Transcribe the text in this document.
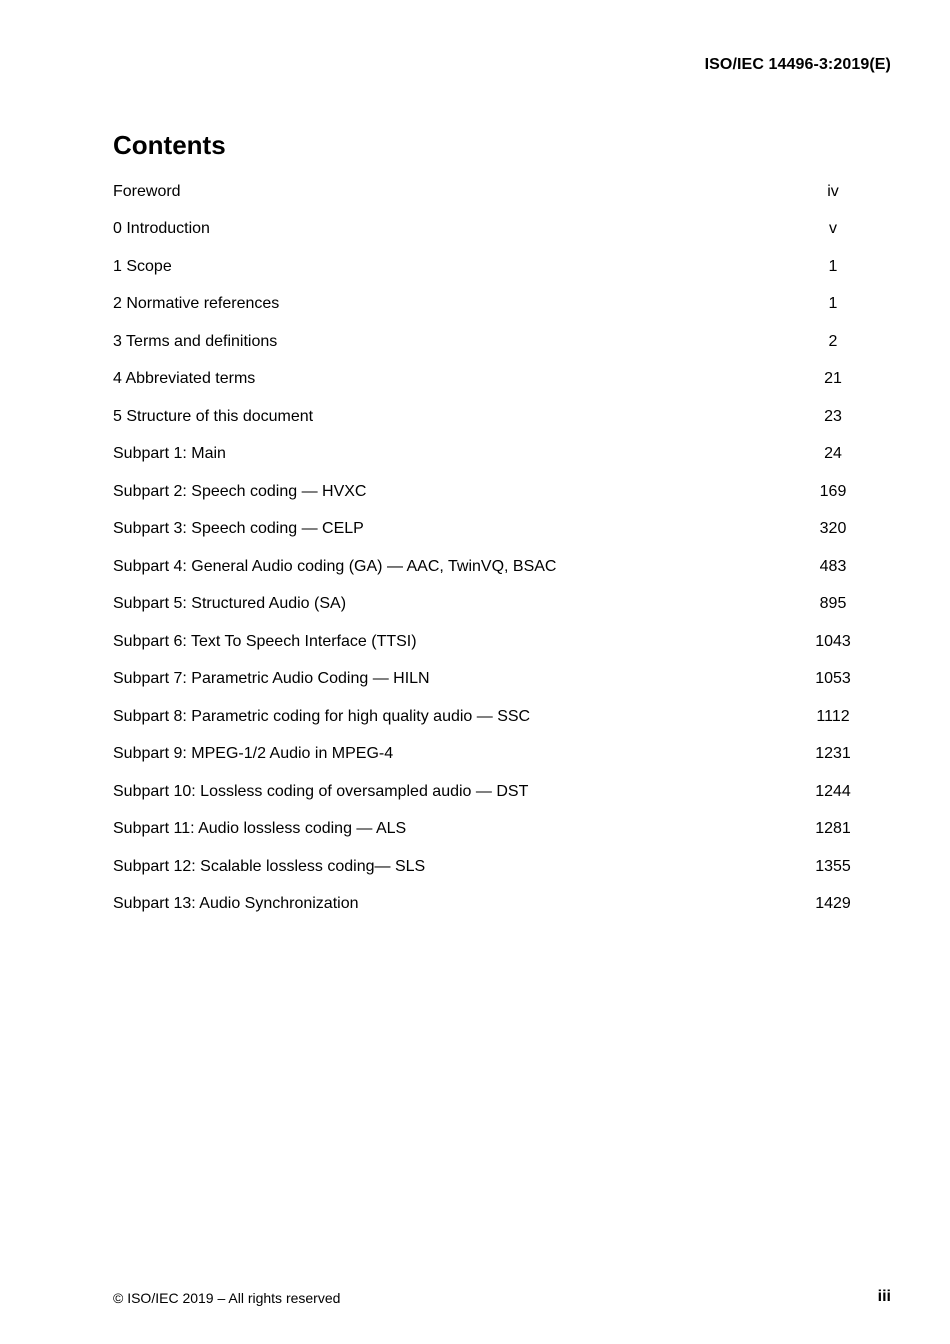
ISO/IEC 14496-3:2019(E)
Contents
Foreword	iv
0 Introduction	v
1 Scope	1
2 Normative references	1
3 Terms and definitions	2
4 Abbreviated terms	21
5 Structure of this document	23
Subpart 1: Main	24
Subpart 2: Speech coding — HVXC	169
Subpart 3: Speech coding — CELP	320
Subpart 4: General Audio coding (GA) — AAC, TwinVQ, BSAC	483
Subpart 5: Structured Audio (SA)	895
Subpart 6: Text To Speech Interface (TTSI)	1043
Subpart 7: Parametric Audio Coding — HILN	1053
Subpart 8: Parametric coding for high quality audio — SSC	1112
Subpart 9: MPEG-1/2 Audio in MPEG-4	1231
Subpart 10: Lossless coding of oversampled audio — DST	1244
Subpart 11: Audio lossless coding — ALS	1281
Subpart 12: Scalable lossless coding— SLS	1355
Subpart 13: Audio Synchronization	1429
© ISO/IEC 2019 – All rights reserved	iii
